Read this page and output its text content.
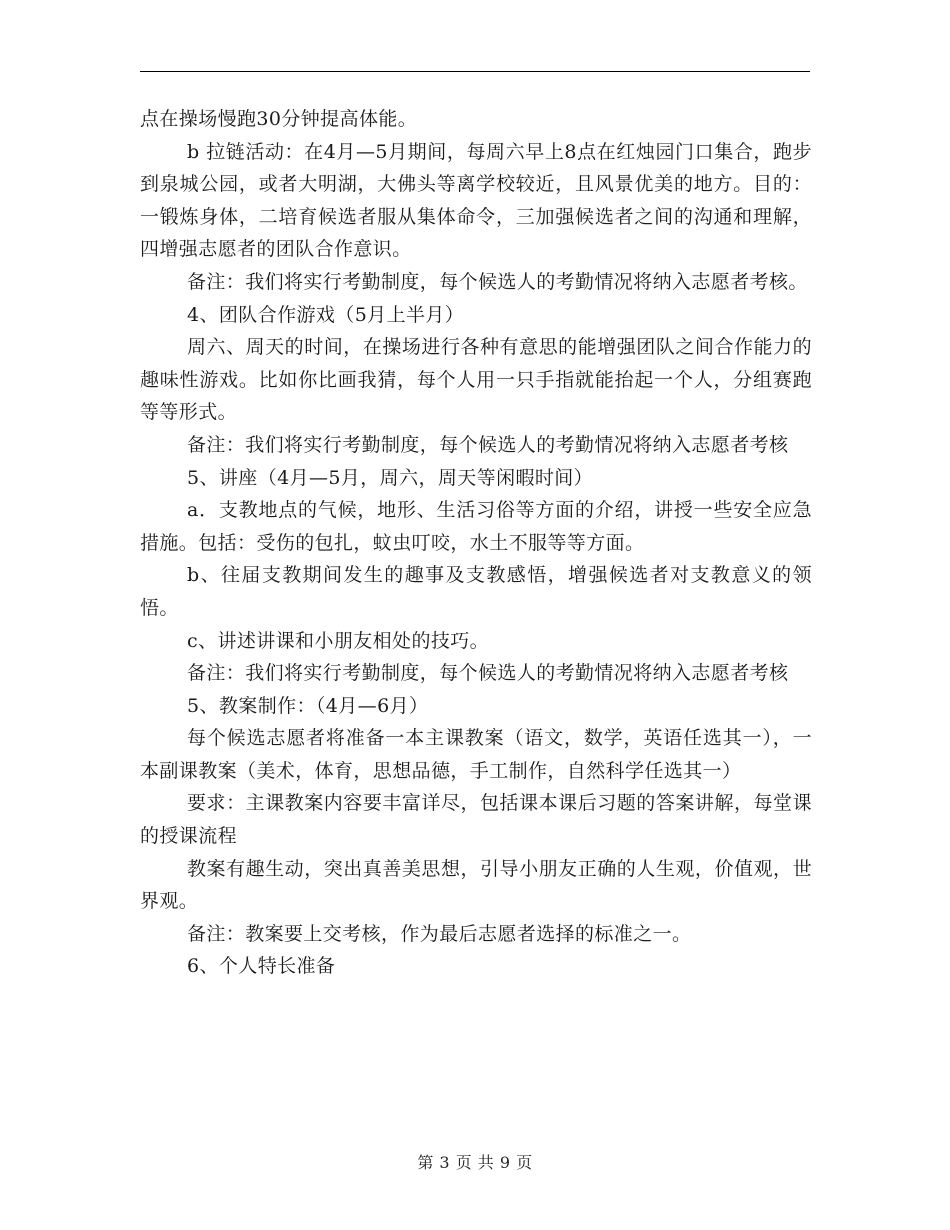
点在操场慢跑30分钟提高体能。

b 拉链活动：在4月—5月期间，每周六早上8点在红烛园门口集合，跑步到泉城公园，或者大明湖，大佛头等离学校较近，且风景优美的地方。目的：一锻炼身体，二培育候选者服从集体命令，三加强候选者之间的沟通和理解，四增强志愿者的团队合作意识。

备注：我们将实行考勤制度，每个候选人的考勤情况将纳入志愿者考核。

4、团队合作游戏（5月上半月）

周六、周天的时间，在操场进行各种有意思的能增强团队之间合作能力的趣味性游戏。比如你比画我猜，每个人用一只手指就能抬起一个人，分组赛跑等等形式。

备注：我们将实行考勤制度，每个候选人的考勤情况将纳入志愿者考核

5、讲座（4月—5月，周六，周天等闲暇时间）

a．支教地点的气候，地形、生活习俗等方面的介绍，讲授一些安全应急措施。包括：受伤的包扎，蚊虫叮咬，水土不服等等方面。

b、往届支教期间发生的趣事及支教感悟，增强候选者对支教意义的领悟。

c、讲述讲课和小朋友相处的技巧。

备注：我们将实行考勤制度，每个候选人的考勤情况将纳入志愿者考核

5、教案制作：（4月—6月）

每个候选志愿者将准备一本主课教案（语文，数学，英语任选其一），一本副课教案（美术，体育，思想品德，手工制作，自然科学任选其一）

要求：主课教案内容要丰富详尽，包括课本课后习题的答案讲解，每堂课的授课流程

教案有趣生动，突出真善美思想，引导小朋友正确的人生观，价值观，世界观。

备注：教案要上交考核，作为最后志愿者选择的标准之一。

6、个人特长准备

第 3 页 共 9 页
